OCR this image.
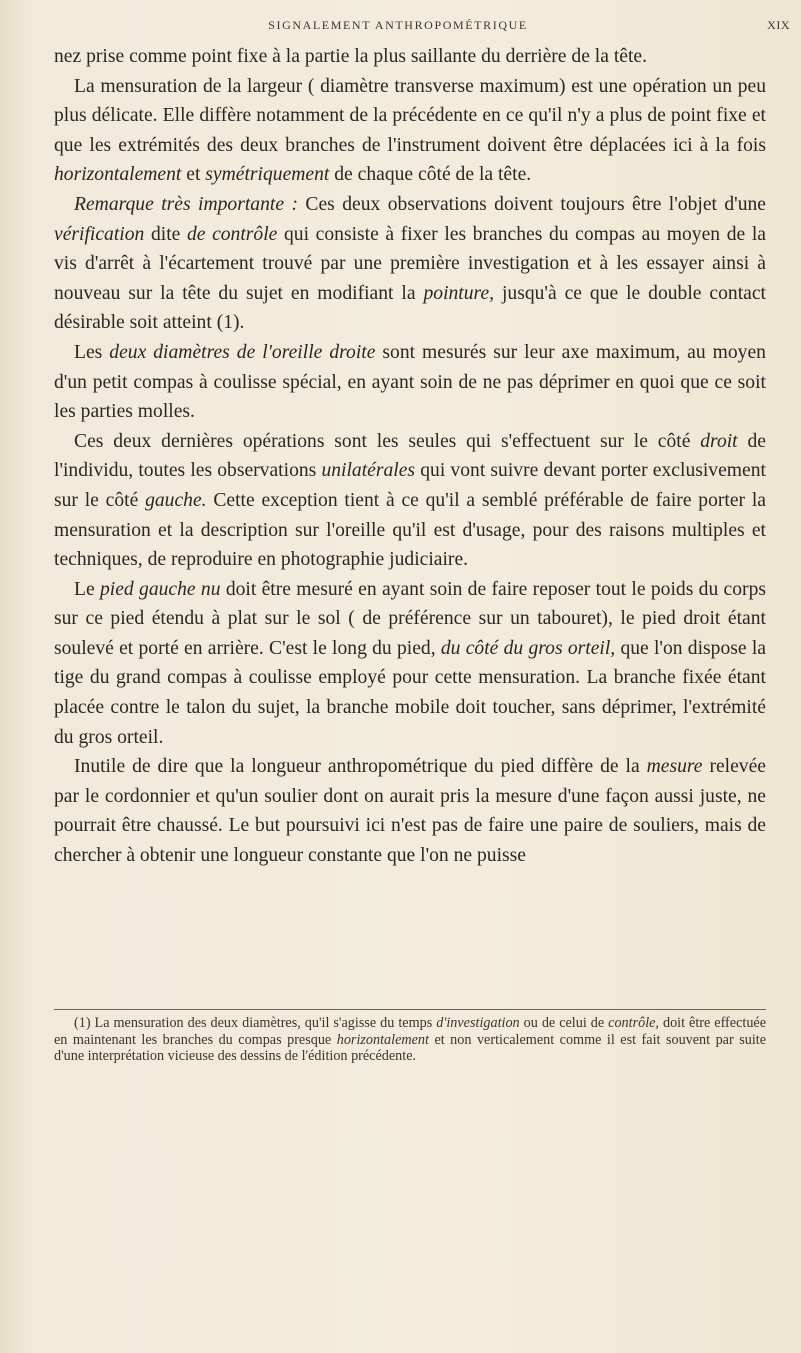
SIGNALEMENT ANTHROPOMÉTRIQUE	XIX

nez prise comme point fixe à la partie la plus saillante du derrière de la tête.

La mensuration de la largeur ( diamètre transverse maximum) est une opération un peu plus délicate. Elle diffère notamment de la précédente en ce qu'il n'y a plus de point fixe et que les extrémités des deux branches de l'instrument doivent être déplacées ici à la fois horizontalement et symétriquement de chaque côté de la tête.

Remarque très importante : Ces deux observations doivent toujours être l'objet d'une vérification dite de contrôle qui consiste à fixer les branches du compas au moyen de la vis d'arrêt à l'écartement trouvé par une première investigation et à les essayer ainsi à nouveau sur la tête du sujet en modifiant la pointure, jusqu'à ce que le double contact désirable soit atteint (1).

Les deux diamètres de l'oreille droite sont mesurés sur leur axe maximum, au moyen d'un petit compas à coulisse spécial, en ayant soin de ne pas déprimer en quoi que ce soit les parties molles.

Ces deux dernières opérations sont les seules qui s'effectuent sur le côté droit de l'individu, toutes les observations unilatérales qui vont suivre devant porter exclusivement sur le côté gauche. Cette exception tient à ce qu'il a semblé préférable de faire porter la mensuration et la description sur l'oreille qu'il est d'usage, pour des raisons multiples et techniques, de reproduire en photographie judiciaire.

Le pied gauche nu doit être mesuré en ayant soin de faire reposer tout le poids du corps sur ce pied étendu à plat sur le sol ( de préférence sur un tabouret), le pied droit étant soulevé et porté en arrière. C'est le long du pied, du côté du gros orteil, que l'on dispose la tige du grand compas à coulisse employé pour cette mensuration. La branche fixée étant placée contre le talon du sujet, la branche mobile doit toucher, sans déprimer, l'extrémité du gros orteil.

Inutile de dire que la longueur anthropométrique du pied diffère de la mesure relevée par le cordonnier et qu'un soulier dont on aurait pris la mesure d'une façon aussi juste, ne pourrait être chaussé. Le but poursuivi ici n'est pas de faire une paire de souliers, mais de chercher à obtenir une longueur constante que l'on ne puisse

(1) La mensuration des deux diamètres, qu'il s'agisse du temps d'investigation ou de celui de contrôle, doit être effectuée en maintenant les branches du compas presque horizontalement et non verticalement comme il est fait souvent par suite d'une interprétation vicieuse des dessins de l'édition précédente.
